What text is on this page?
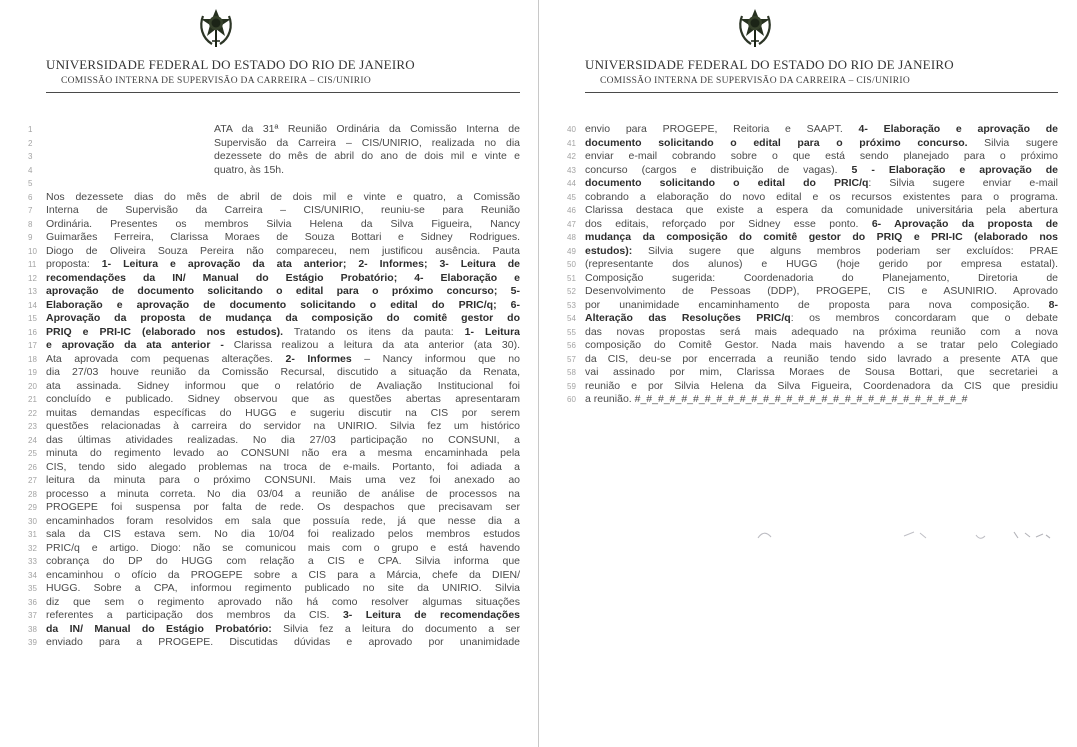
UNIVERSIDADE FEDERAL DO ESTADO DO RIO DE JANEIRO
COMISSÃO INTERNA DE SUPERVISÃO DA CARREIRA – CIS/UNIRIO
1	ATA da 31ª Reunião Ordinária da Comissão Interna de
2	Supervisão da Carreira – CIS/UNIRIO, realizada no dia
3	dezessete do mês de abril do ano de dois mil e vinte e
4	quatro, às 15h.
5
6	Nos dezessete dias do mês de abril de dois mil e vinte e quatro, a Comissão
7	Interna de Supervisão da Carreira – CIS/UNIRIO, reuniu-se para Reunião
8	Ordinária. Presentes os membros Silvia Helena da Silva Figueira, Nancy
9	Guimarães Ferreira, Clarissa Moraes de Souza Bottari e Sidney Rodrigues.
10 Diogo de Oliveira Souza Pereira não compareceu, nem justificou ausência. Pauta
11 proposta: 1- Leitura e aprovação da ata anterior; 2- Informes; 3- Leitura de
12 recomendações da IN/ Manual do Estágio Probatório; 4- Elaboração e
13 aprovação de documento solicitando o edital para o próximo concurso; 5-
14 Elaboração e aprovação de documento solicitando o edital do PRIC/q; 6-
15 Aprovação da proposta de mudança da composição do comitê gestor do
16 PRIQ e PRI-IC (elaborado nos estudos). Tratando os itens da pauta: 1- Leitura
17 e aprovação da ata anterior - Clarissa realizou a leitura da ata anterior (ata 30).
18 Ata aprovada com pequenas alterações. 2- Informes – Nancy informou que no
19 dia 27/03 houve reunião da Comissão Recursal, discutido a situação da Renata,
20 ata assinada. Sidney informou que o relatório de Avaliação Institucional foi
21 concluído e publicado. Sidney observou que as questões abertas apresentaram
22 muitas demandas específicas do HUGG e sugeriu discutir na CIS por serem
23 questões relacionadas à carreira do servidor na UNIRIO. Silvia fez um histórico
24 das últimas atividades realizadas. No dia 27/03 participação no CONSUNI, a
25 minuta do regimento levado ao CONSUNI não era a mesma encaminhada pela
26 CIS, tendo sido alegado problemas na troca de e-mails. Portanto, foi adiada a
27 leitura da minuta para o próximo CONSUNI. Mais uma vez foi anexado ao
28 processo a minuta correta. No dia 03/04 a reunião de análise de processos na
29 PROGEPE foi suspensa por falta de rede. Os despachos que precisavam ser
30 encaminhados foram resolvidos em sala que possuía rede, já que nesse dia a
31 sala da CIS estava sem. No dia 10/04 foi realizado pelos membros estudos
32 PRIC/q e artigo. Diogo: não se comunicou mais com o grupo e está havendo
33 cobrança do DP do HUGG com relação a CIS e CPA. Silvia informa que
34 encaminhou o ofício da PROGEPE sobre a CIS para a Márcia, chefe da DIEN/
35 HUGG. Sobre a CPA, informou regimento publicado no site da UNIRIO. Silvia
36 diz que sem o regimento aprovado não há como resolver algumas situações
37 referentes a participação dos membros da CIS. 3- Leitura de recomendações
38 da IN/ Manual do Estágio Probatório: Silvia fez a leitura do documento a ser
39 enviado para a PROGEPE. Discutidas dúvidas e aprovado por unanimidade
UNIVERSIDADE FEDERAL DO ESTADO DO RIO DE JANEIRO
COMISSÃO INTERNA DE SUPERVISÃO DA CARREIRA – CIS/UNIRIO
40 envio para PROGEPE, Reitoria e SAAPT. 4- Elaboração e aprovação de
41 documento solicitando o edital para o próximo concurso. Silvia sugere
42 enviar e-mail cobrando sobre o que está sendo planejado para o próximo
43 concurso (cargos e distribuição de vagas). 5 - Elaboração e aprovação de
44 documento solicitando o edital do PRIC/q: Silvia sugere enviar e-mail
45 cobrando a elaboração do novo edital e os recursos existentes para o programa.
46 Clarissa destaca que existe a espera da comunidade universitária pela abertura
47 dos editais, reforçado por Sidney esse ponto. 6- Aprovação da proposta de
48 mudança da composição do comitê gestor do PRIQ e PRI-IC (elaborado nos
49 estudos): Silvia sugere que alguns membros poderiam ser excluídos: PRAE
50 (representante dos alunos) e HUGG (hoje gerido por empresa estatal).
51 Composição sugerida: Coordenadoria do Planejamento, Diretoria de
52 Desenvolvimento de Pessoas (DDP), PROGEPE, CIS e ASUNIRIO. Aprovado
53 por unanimidade encaminhamento de proposta para nova composição. 8-
54 Alteração das Resoluções PRIC/q: os membros concordaram que o debate
55 das novas propostas será mais adequado na próxima reunião com a nova
56 composição do Comitê Gestor. Nada mais havendo a se tratar pelo Colegiado
57 da CIS, deu-se por encerrada a reunião tendo sido lavrado a presente ATA que
58 vai assinado por mim, Clarissa Moraes de Sousa Bottari, que secretariei a
59 reunião e por Silvia Helena da Silva Figueira, Coordenadora da CIS que presidiu
60 a reunião. #_#_#_#_#_#_#_#_#_#_#_#_#_#_#_#_#_#_#_#_#_#_#_#_#_#_#_#_#
